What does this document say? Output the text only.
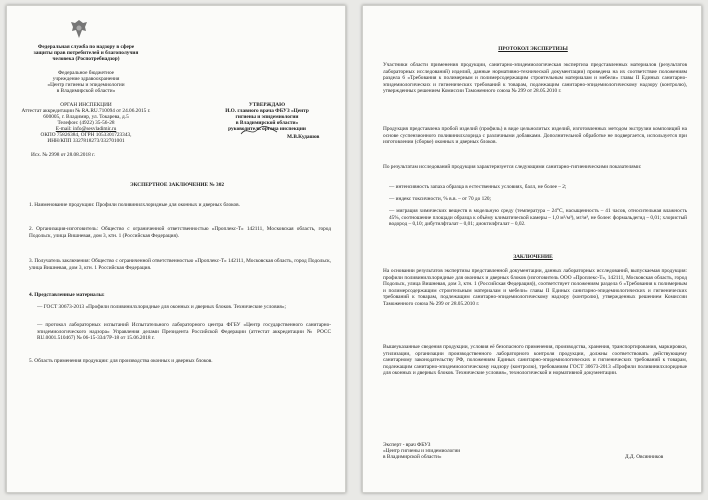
Федеральная служба по надзору в сфере
защиты прав потребителей и благополучия
человека (Роспотребнадзор)
Федеральное бюджетное
учреждение здравоохранения
«Центр гигиены и эпидемиологии
в Владимирской области»
ОРГАН ИНСПЕКЦИИ
Аттестат аккредитации № RA.RU.710094 от 24.06.2015 г.
600005, г. Владимир, ул. Токарева, д.5
Телефон: (4922) 35-56-28
E-mail: info@sesvladimir.ru
ОКПО 75826384, ОГРН 1053301723343,
ИНН/КПП 3327818273/332701001
Исх. № 2998 от 28.08.2018 г.
УТВЕРЖДАЮ
И.О. главного врача ФБУЗ «Центр
гигиены и эпидемиологии
в Владимирской области»
руководитель органа инспекции
М.В.Кудашов
ЭКСПЕРТНОЕ ЗАКЛЮЧЕНИЕ № 302
1. Наименование продукции: Профили поливинилхлоридные для оконных и дверных блоков.
2. Организация-изготовитель: Общество с ограниченной ответственностью «Проплекс-Т» 142111, Московская область, город Подольск, улица Вишневая, дом 3, ктн. 1 (Российская Федерация).
3. Получатель заключения: Общество с ограниченной ответственностью «Проплекс-Т» 142111, Московская область, город Подольск, улица Вишневая, дом 3, ктн. 1 Российская Федерация.
4. Представленные материалы:
— ГОСТ 30673-2013 «Профили поливинилхлоридные для оконных и дверных блоков. Технические условия»;
— протокол лабораторных испытаний Испытательного лабораторного центра ФГБУ «Центр государственного санитарно-эпидемиологического надзора» Управления делами Президента Российской Федерации (аттестат аккредитации № РОСС RU.0001.510467) № 06-15-334/7Р-18 от 15.06.2018 г.
5. Область применения продукции: для производства оконных и дверных блоков.
ПРОТОКОЛ ЭКСПЕРТИЗЫ
Участники области применения продукции, санитарно-эпидемиологическая экспертиза представленных материалов (результатов лабораторных исследований) изделий, данные нормативно-технической документации) проведена на их соответствие положениям раздела 6 «Требования к полимерным и полимерсодержащим строительным материалам и мебели» главы II Единых санитарно-эпидемиологических и гигиенических требований к товарам, подлежащим санитарно-эпидемиологическому надзору (контролю), утвержденных решением Комиссии Таможенного союза № 299 от 28.05.2010 г.
Продукция представлена пробой изделий (профиль) в виде цельнолитых изделий, изготовленных методом экструзии композиций на основе суспензионного поливинилхлорида с различными добавками. Дополнительной обработке не подвергается, используется при изготовлении (сборке) оконных и дверных блоков.
По результатам исследований продукция характеризуется следующими санитарно-гигиеническими показателями:
— интенсивность запаха образца в естественных условиях, балл, не более – 2;
— индекс токсичности, % в.в. – от 70 до 120;
— миграция химических веществ в модельную среду (температура – 24°C, насыщенность – 41 часов, относительная влажность 45%, соотношение площади образца к объёму климатической камеры – 1,0 м²/м³), мг/м³, не более: формальдегид – 0,01; хлористый водород – 0,10; дибутилфталат – 0,01; диоктилфталат – 0,02.
ЗАКЛЮЧЕНИЕ
На основании результатов экспертизы представленной документации, данных лабораторных исследований, выпускаемая продукция: профили поливинилхлоридные для оконных и дверных блоков (изготовитель ООО «Проплекс-Т», 142111, Московская область, город Подольск, улица Вишневая, дом 3, ктн. 1 (Российская Федерация)), соответствует положениям раздела 6 «Требования к полимерным и полимерсодержащим строительным материалам и мебели» главы II Единых санитарно-эпидемиологических и гигиенических требований к товарам, подлежащим санитарно-эпидемиологическому надзору (контролю), утвержденных решением Комиссии Таможенного союза № 299 от 28.05.2010 г.
Вышеуказанные сведения продукции, условия её безопасного применения, производства, хранения, транспортирования, маркировки, утилизации, организации производственного лабораторного контроля продукции, должны соответствовать действующему санитарному законодательству РФ, положениям Единых санитарно-эпидемиологических и гигиенических требований к товарам, подлежащим санитарно-эпидемиологическому надзору (контролю), требованиям ГОСТ 30673-2013 «Профили поливинилхлоридные для оконных и дверных блоков. Технические условия», технологической и нормативной документации.
Эксперт - врач ФБУЗ
«Центр гигиены и эпидемиологии
в Владимирской области»	Д.Д. Овсянников
